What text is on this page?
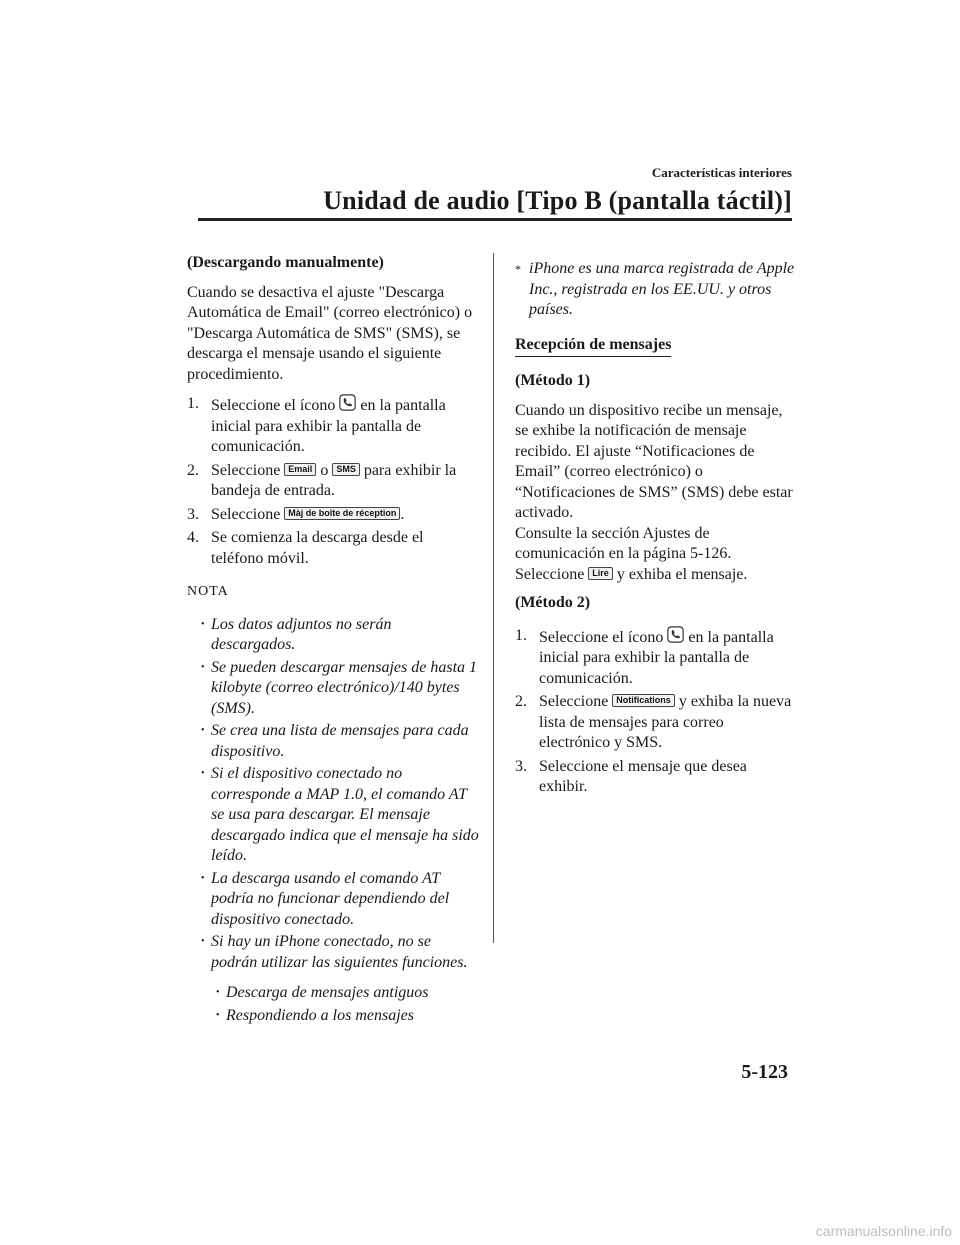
Características interiores
Unidad de audio [Tipo B (pantalla táctil)]

(Descargando manualmente)

Cuando se desactiva el ajuste "Descarga Automática de Email" (correo electrónico) o "Descarga Automática de SMS" (SMS), se descarga el mensaje usando el siguiente procedimiento.

1. Seleccione el ícono en la pantalla inicial para exhibir la pantalla de comunicación.
2. Seleccione Email o SMS para exhibir la bandeja de entrada.
3. Seleccione Màj de boîte de réception .
4. Se comienza la descarga desde el teléfono móvil.

NOTA

• Los datos adjuntos no serán descargados.
• Se pueden descargar mensajes de hasta 1 kilobyte (correo electrónico)/140 bytes (SMS).
• Se crea una lista de mensajes para cada dispositivo.
• Si el dispositivo conectado no corresponde a MAP 1.0, el comando AT se usa para descargar. El mensaje descargado indica que el mensaje ha sido leído.
• La descarga usando el comando AT podría no funcionar dependiendo del dispositivo conectado.
• Si hay un iPhone conectado, no se podrán utilizar las siguientes funciones.
• Descarga de mensajes antiguos
• Respondiendo a los mensajes

* iPhone es una marca registrada de Apple Inc., registrada en los EE.UU. y otros países.

Recepción de mensajes

(Método 1)

Cuando un dispositivo recibe un mensaje, se exhibe la notificación de mensaje recibido. El ajuste “Notificaciones de Email” (correo electrónico) o “Notificaciones de SMS” (SMS) debe estar activado.
Consulte la sección Ajustes de comunicación en la página 5-126.
Seleccione Lire y exhiba el mensaje.

(Método 2)

1. Seleccione el ícono en la pantalla inicial para exhibir la pantalla de comunicación.
2. Seleccione Notifications y exhiba la nueva lista de mensajes para correo electrónico y SMS.
3. Seleccione el mensaje que desea exhibir.
5-123
carmanualsonline.info
